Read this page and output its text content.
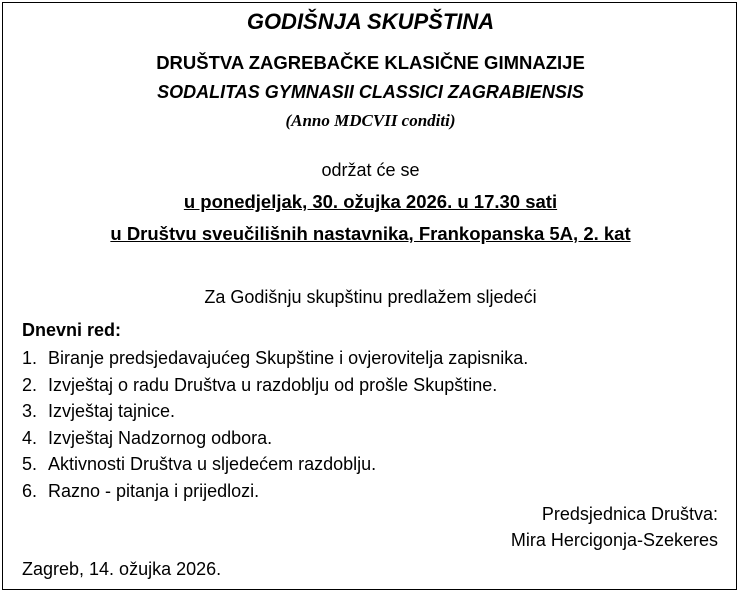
GODIŠNJA SKUPŠTINA
DRUŠTVA ZAGREBAČKE KLASIČNE GIMNAZIJE
SODALITAS GYMNASII CLASSICI ZAGRABIENSIS
(Anno MDCVII conditi)
održat će se
u ponedjeljak, 30. ožujka 2026. u 17.30 sati
u Društvu sveučilišnih nastavnika, Frankopanska 5A, 2. kat
Za Godišnju skupštinu predlažem sljedeći
Dnevni red:
1. Biranje predsjedavajućeg Skupštine i ovjerovitelja zapisnika.
2. Izvještaj o radu Društva u razdoblju od prošle Skupštine.
3. Izvještaj tajnice.
4. Izvještaj Nadzornog odbora.
5. Aktivnosti Društva u sljedećem razdoblju.
6. Razno - pitanja i prijedlozi.
Predsjednica Društva:
Mira Hercigonja-Szekeres
Zagreb, 14. ožujka 2026.
